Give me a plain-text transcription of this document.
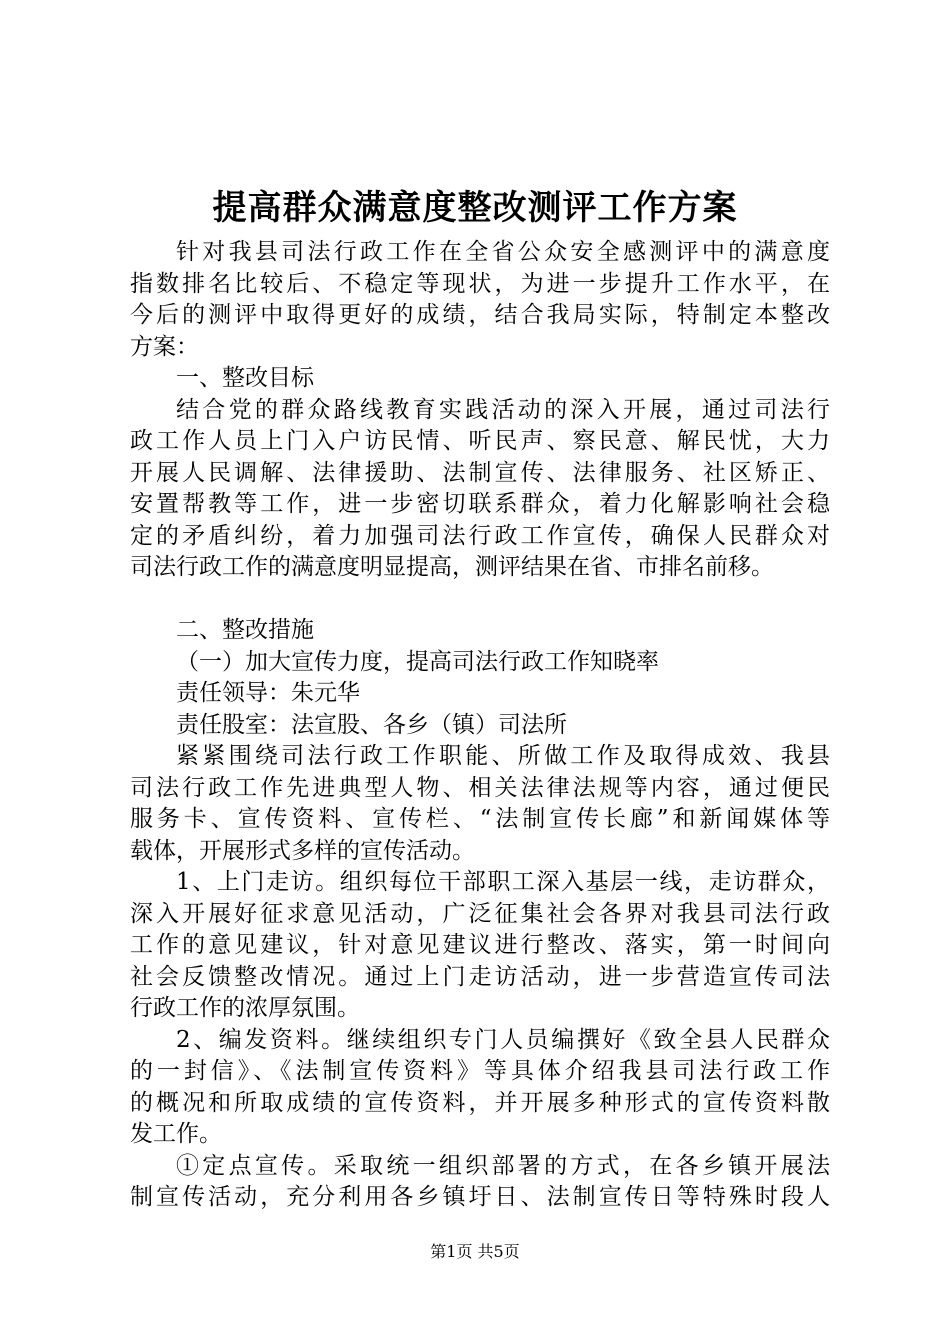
提高群众满意度整改测评工作方案
针对我县司法行政工作在全省公众安全感测评中的满意度
指数排名比较后、不稳定等现状，为进一步提升工作水平，在
今后的测评中取得更好的成绩，结合我局实际，特制定本整改
方案：
一、整改目标
结合党的群众路线教育实践活动的深入开展，通过司法行
政工作人员上门入户访民情、听民声、察民意、解民忧，大力
开展人民调解、法律援助、法制宣传、法律服务、社区矫正、
安置帮教等工作，进一步密切联系群众，着力化解影响社会稳
定的矛盾纠纷，着力加强司法行政工作宣传，确保人民群众对
司法行政工作的满意度明显提高，测评结果在省、市排名前移。
二、整改措施
（一）加大宣传力度，提高司法行政工作知晓率
责任领导：朱元华
责任股室：法宣股、各乡（镇）司法所
紧紧围绕司法行政工作职能、所做工作及取得成效、我县
司法行政工作先进典型人物、相关法律法规等内容，通过便民
服务卡、宣传资料、宣传栏、“法制宣传长廊”和新闻媒体等
载体，开展形式多样的宣传活动。
1、上门走访。组织每位干部职工深入基层一线，走访群众，
深入开展好征求意见活动，广泛征集社会各界对我县司法行政
工作的意见建议，针对意见建议进行整改、落实，第一时间向
社会反馈整改情况。通过上门走访活动，进一步营造宣传司法
行政工作的浓厚氛围。
2、编发资料。继续组织专门人员编撰好《致全县人民群众
的一封信》、《法制宣传资料》等具体介绍我县司法行政工作
的概况和所取成绩的宣传资料，并开展多种形式的宣传资料散
发工作。
①定点宣传。采取统一组织部署的方式，在各乡镇开展法
制宣传活动，充分利用各乡镇圩日、法制宣传日等特殊时段人
第1页 共5页
